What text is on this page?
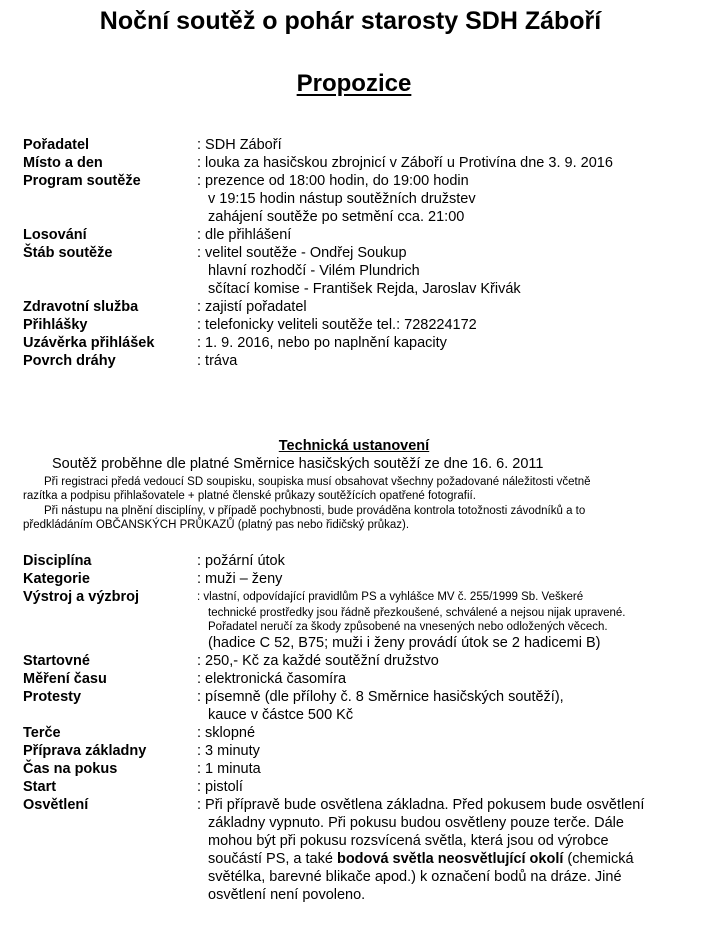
Noční soutěž o pohár starosty SDH Záboří
Propozice
Pořadatel	: SDH Záboří
Místo a den	: louka za hasičskou zbrojnicí v Záboří u Protivína dne 3. 9. 2016
Program soutěže	: prezence od 18:00 hodin, do 19:00 hodin
v 19:15 hodin nástup soutěžních družstev
zahájení soutěže po setmění cca. 21:00
Losování	: dle přihlášení
Štáb soutěže	: velitel soutěže - Ondřej Soukup
hlavní rozhodčí - Vilém Plundrich
sčítací komise - František Rejda, Jaroslav Křivák
Zdravotní služba	: zajistí pořadatel
Přihlášky	: telefonicky veliteli soutěže tel.: 728224172
Uzávěrka přihlášek	: 1. 9. 2016, nebo po naplnění kapacity
Povrch dráhy	: tráva
Technická ustanovení
Soutěž proběhne dle platné Směrnice hasičských soutěží ze dne 16. 6. 2011
Při registraci předá vedoucí SD soupisku, soupiska musí obsahovat všechny požadované náležitosti včetně
razítka a podpisu přihlašovatele + platné členské průkazy soutěžících opatřené fotografií.
Při nástupu na plnění disciplíny, v případě pochybnosti, bude prováděna kontrola totožnosti závodníků a to
předkládáním OBČANSKÝCH PRŮKAZŮ (platný pas nebo řidičský průkaz).
Disciplína	: požární útok
Kategorie	: muži – ženy
Výstroj a výzbroj	: vlastní, odpovídající pravidlům PS a vyhlášce MV č. 255/1999 Sb. Veškeré
technické prostředky jsou řádně přezkoušené, schválené a nejsou nijak upravené.
Pořadatel neručí za škody způsobené na vnesených nebo odložených věcech.
(hadice C 52, B75; muži i ženy provádí útok se 2 hadicemi B)
Startovné	: 250,- Kč za každé soutěžní družstvo
Měření času	: elektronická časomíra
Protesty	: písemně (dle přílohy č. 8 Směrnice hasičských soutěží),
kauce v částce 500 Kč
Terče	: sklopné
Příprava základny	: 3 minuty
Čas na pokus	: 1 minuta
Start	: pistolí
Osvětlení	: Při přípravě bude osvětlena základna. Před pokusem bude osvětlení
základny vypnuto. Při pokusu budou osvětleny pouze terče. Dále
mohou být při pokusu rozsvícená světla, která jsou od výrobce
součástí PS, a také bodová světla neosvětlující okolí (chemická
světélka, barevné blikače apod.) k označení bodů na dráze. Jiné
osvětlení není povoleno.
